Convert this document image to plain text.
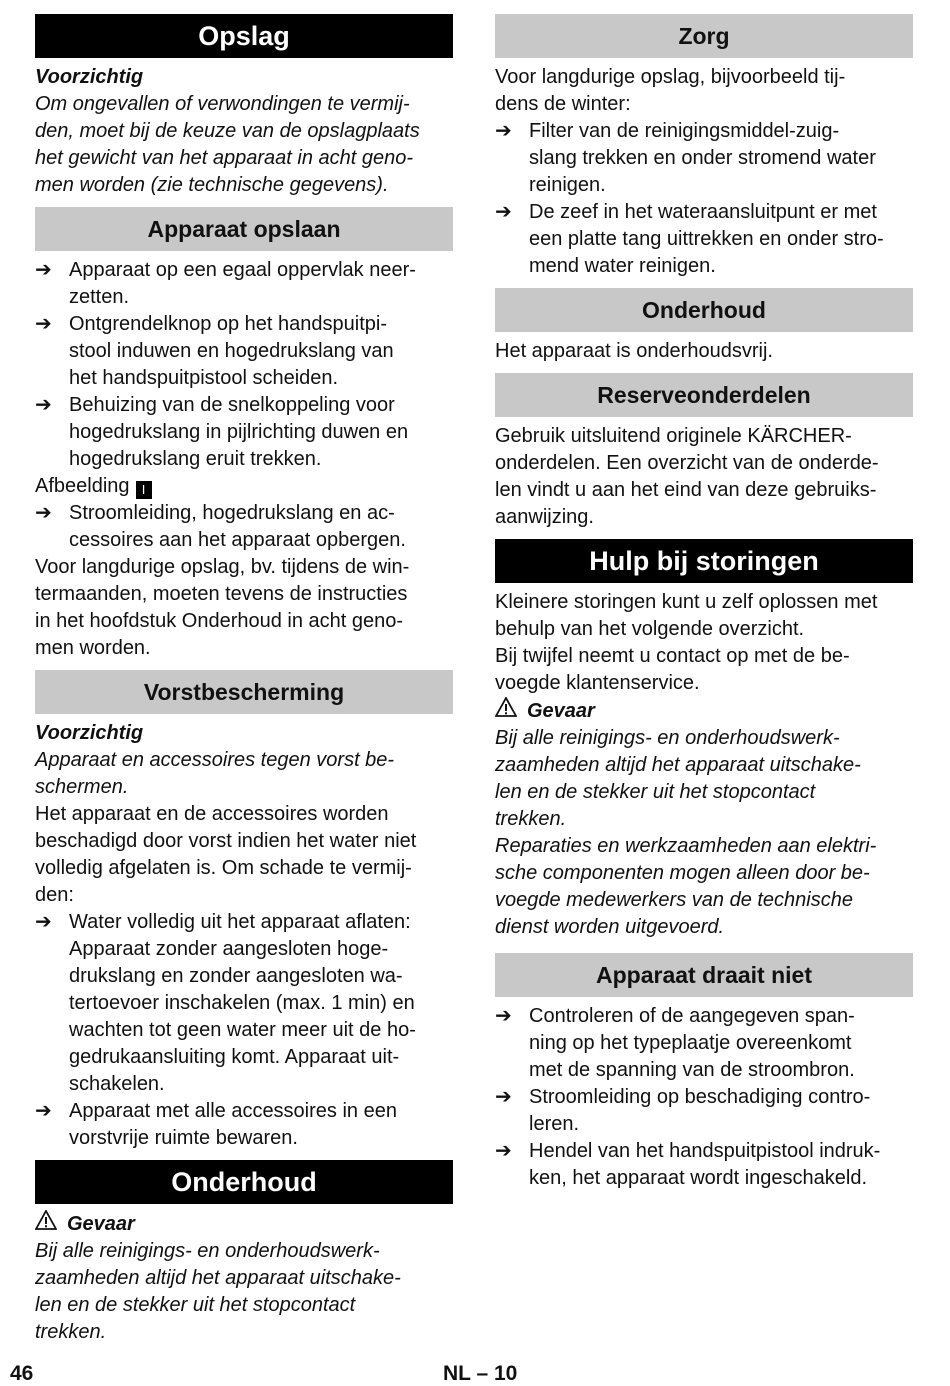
Opslag
Voorzichtig
Om ongevallen of verwondingen te vermij-
den, moet bij de keuze van de opslagplaats
het gewicht van het apparaat in acht geno-
men worden (zie technische gegevens).
Apparaat opslaan
➔ Apparaat op een egaal oppervlak neer-
zetten.
➔ Ontgrendelknop op het handspuitpi-
stool induwen en hogedrukslang van
het handspuitpistool scheiden.
➔ Behuizing van de snelkoppeling voor
hogedrukslang in pijlrichting duwen en
hogedrukslang eruit trekken.
Afbeelding I
➔ Stroomleiding, hogedrukslang en ac-
cessoires aan het apparaat opbergen.
Voor langdurige opslag, bv. tijdens de win-
termaanden, moeten tevens de instructies
in het hoofdstuk Onderhoud in acht geno-
men worden.
Vorstbescherming
Voorzichtig
Apparaat en accessoires tegen vorst be-
schermen.
Het apparaat en de accessoires worden
beschadigd door vorst indien het water niet
volledig afgelaten is. Om schade te vermij-
den:
➔ Water volledig uit het apparaat aflaten:
Apparaat zonder aangesloten hoge-
drukslang en zonder aangesloten wa-
tertoevoer inschakelen (max. 1 min) en
wachten tot geen water meer uit de ho-
gedrukaansluiting komt. Apparaat uit-
schakelen.
➔ Apparaat met alle accessoires in een
vorstvrije ruimte bewaren.
Onderhoud
Gevaar
Bij alle reinigings- en onderhoudswerk-
zaamheden altijd het apparaat uitschake-
len en de stekker uit het stopcontact
trekken.
Zorg
Voor langdurige opslag, bijvoorbeeld tij-
dens de winter:
➔ Filter van de reinigingsmiddel-zuig-
slang trekken en onder stromend water
reinigen.
➔ De zeef in het wateraansluitpunt er met
een platte tang uittrekken en onder stro-
mend water reinigen.
Onderhoud
Het apparaat is onderhoudsvrij.
Reserveonderdelen
Gebruik uitsluitend originele KÄRCHER-
onderdelen. Een overzicht van de onderde-
len vindt u aan het eind van deze gebruiks-
aanwijzing.
Hulp bij storingen
Kleinere storingen kunt u zelf oplossen met
behulp van het volgende overzicht.
Bij twijfel neemt u contact op met de be-
voegde klantenservice.
Gevaar
Bij alle reinigings- en onderhoudswerk-
zaamheden altijd het apparaat uitschake-
len en de stekker uit het stopcontact
trekken.
Reparaties en werkzaamheden aan elektri-
sche componenten mogen alleen door be-
voegde medewerkers van de technische
dienst worden uitgevoerd.
Apparaat draait niet
➔ Controleren of de aangegeven span-
ning op het typeplaatje overeenkomt
met de spanning van de stroombron.
➔ Stroomleiding op beschadiging contro-
leren.
➔ Hendel van het handspuitpistool indruk-
ken, het apparaat wordt ingeschakeld.
46	NL – 10
